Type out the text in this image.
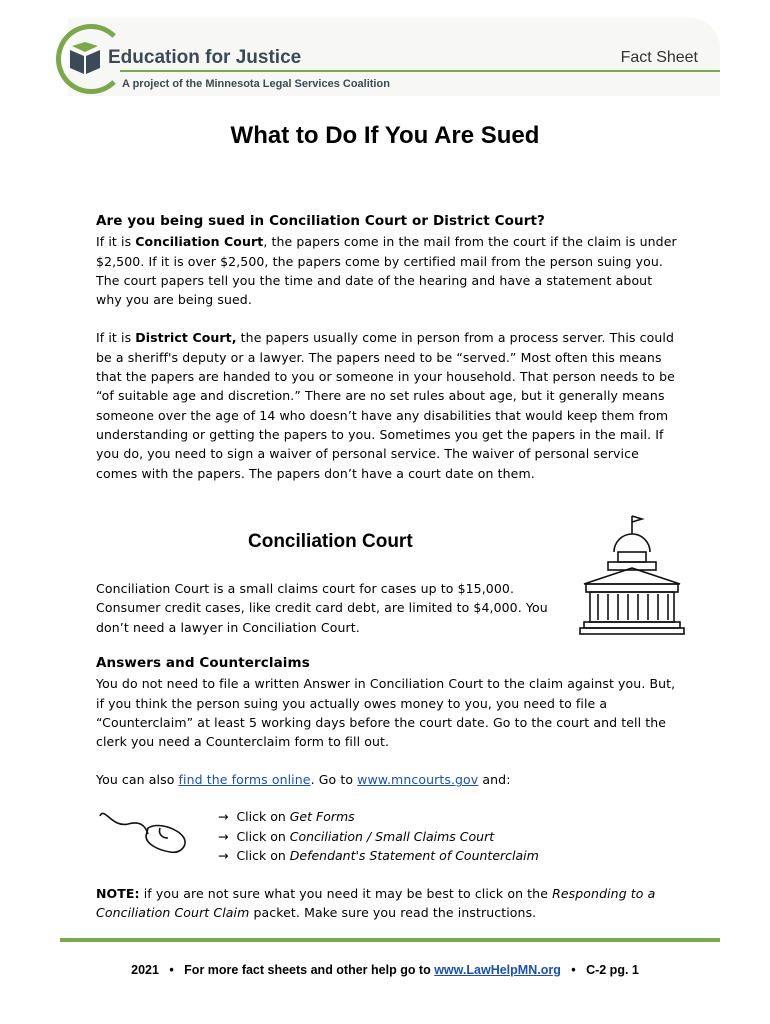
Education for Justice
A project of the Minnesota Legal Services Coalition
Fact Sheet
What to Do If You Are Sued
Are you being sued in Conciliation Court or District Court?

If it is Conciliation Court, the papers come in the mail from the court if the claim is under $2,500. If it is over $2,500, the papers come by certified mail from the person suing you. The court papers tell you the time and date of the hearing and have a statement about why you are being sued.

If it is District Court, the papers usually come in person from a process server. This could be a sheriff's deputy or a lawyer. The papers need to be “served.” Most often this means that the papers are handed to you or someone in your household. That person needs to be “of suitable age and discretion.” There are no set rules about age, but it generally means someone over the age of 14 who doesn’t have any disabilities that would keep them from understanding or getting the papers to you. Sometimes you get the papers in the mail. If you do, you need to sign a waiver of personal service. The waiver of personal service comes with the papers. The papers don’t have a court date on them.

Conciliation Court
Conciliation Court is a small claims court for cases up to $15,000. Consumer credit cases, like credit card debt, are limited to $4,000. You don’t need a lawyer in Conciliation Court.
Answers and Counterclaims

You do not need to file a written Answer in Conciliation Court to the claim against you. But, if you think the person suing you actually owes money to you, you need to file a “Counterclaim” at least 5 working days before the court date. Go to the court and tell the clerk you need a Counterclaim form to fill out.

You can also find the forms online. Go to www.mncourts.gov and:

→ Click on Get Forms
→ Click on Conciliation / Small Claims Court
→ Click on Defendant's Statement of Counterclaim

NOTE: if you are not sure what you need it may be best to click on the Responding to a Conciliation Court Claim packet. Make sure you read the instructions.

2021 • For more fact sheets and other help go to www.LawHelpMN.org • C-2 pg. 1
